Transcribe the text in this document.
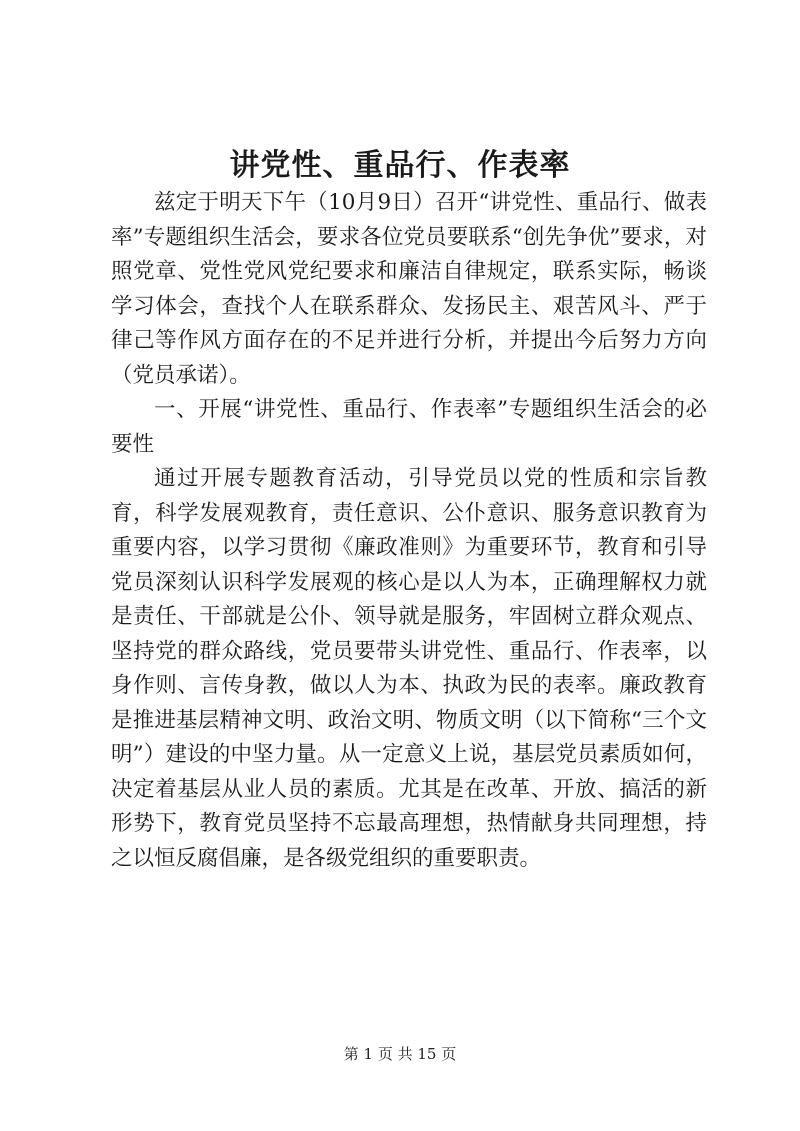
讲党性、重品行、作表率

兹定于明天下午（10月9日）召开“讲党性、重品行、做表率”专题组织生活会，要求各位党员要联系“创先争优”要求，对照党章、党性党风党纪要求和廉洁自律规定，联系实际，畅谈学习体会，查找个人在联系群众、发扬民主、艰苦风斗、严于律己等作风方面存在的不足并进行分析，并提出今后努力方向（党员承诺）。

一、开展“讲党性、重品行、作表率”专题组织生活会的必要性

通过开展专题教育活动，引导党员以党的性质和宗旨教育，科学发展观教育，责任意识、公仆意识、服务意识教育为重要内容，以学习贯彻《廉政准则》为重要环节，教育和引导党员深刻认识科学发展观的核心是以人为本，正确理解权力就是责任、干部就是公仆、领导就是服务，牢固树立群众观点、坚持党的群众路线，党员要带头讲党性、重品行、作表率，以身作则、言传身教，做以人为本、执政为民的表率。廉政教育是推进基层精神文明、政治文明、物质文明（以下简称“三个文明”）建设的中坚力量。从一定意义上说，基层党员素质如何，决定着基层从业人员的素质。尤其是在改革、开放、搞活的新形势下，教育党员坚持不忘最高理想，热情献身共同理想，持之以恒反腐倡廉，是各级党组织的重要职责。

第 1 页 共 15 页
